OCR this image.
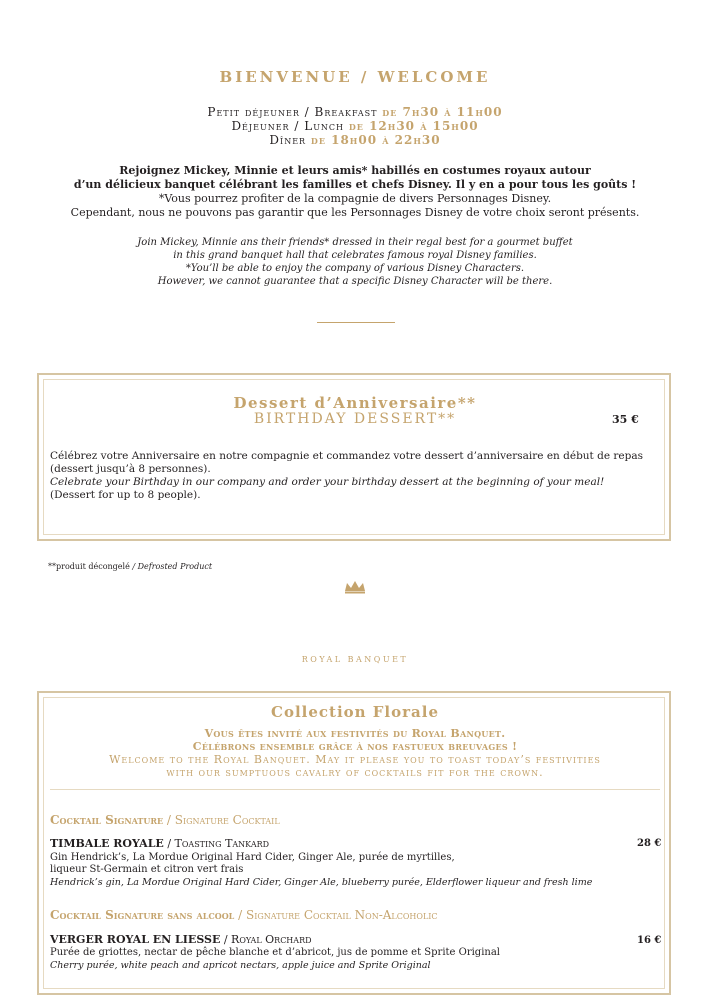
BIENVENUE / WELCOME
Petit déjeuner / Breakfast de 7h30 à 11h00
Déjeuner / Lunch de 12h30 à 15h00
Dîner de 18h00 à 22h30
Rejoignez Mickey, Minnie et leurs amis* habillés en costumes royaux autour
d’un délicieux banquet célébrant les familles et chefs Disney. Il y en a pour tous les goûts !
*Vous pourrez profiter de la compagnie de divers Personnages Disney.
Cependant, nous ne pouvons pas garantir que les Personnages Disney de votre choix seront présents.
Join Mickey, Minnie ans their friends* dressed in their regal best for a gourmet buffet
in this grand banquet hall that celebrates famous royal Disney families.
*You’ll be able to enjoy the company of various Disney Characters.
However, we cannot guarantee that a specific Disney Character will be there.
Dessert d’Anniversaire**
BIRTHDAY DESSERT**	35 €
Célébrez votre Anniversaire en notre compagnie et commandez votre dessert d’anniversaire en début de repas
(dessert jusqu’à 8 personnes).
Celebrate your Birthday in our company and order your birthday dessert at the beginning of your meal!
(Dessert for up to 8 people).
**produit décongelé / Defrosted Product
ROYAL BANQUET
Collection Florale
Vous êtes invité aux festivités du Royal Banquet.
Célébrons ensemble grâce à nos fastueux breuvages !
Welcome to the Royal Banquet. May it please you to toast today’s festivities
with our sumptuous cavalry of cocktails fit for the crown.
Cocktail Signature / Signature Cocktail
TIMBALE ROYALE / Toasting Tankard	28 €
Gin Hendrick’s, La Mordue Original Hard Cider, Ginger Ale, purée de myrtilles,
liqueur St-Germain et citron vert frais
Hendrick’s gin, La Mordue Original Hard Cider, Ginger Ale, blueberry purée, Elderflower liqueur and fresh lime
Cocktail Signature sans alcool / Signature Cocktail Non-Alcoholic
VERGER ROYAL EN LIESSE / Royal Orchard	16 €
Purée de griottes, nectar de pêche blanche et d’abricot, jus de pomme et Sprite Original
Cherry purée, white peach and apricot nectars, apple juice and Sprite Original
